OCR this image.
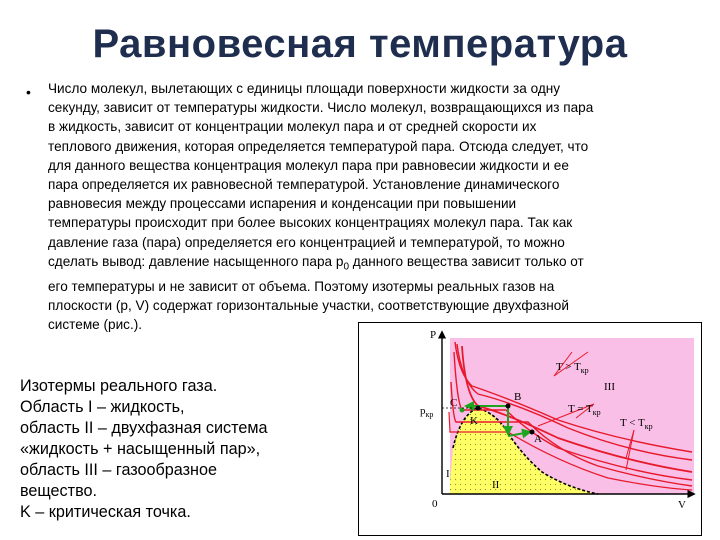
Равновесная температура
• Число молекул, вылетающих с единицы площади поверхности жидкости за одну
секунду, зависит от температуры жидкости. Число молекул, возвращающихся из пара
в жидкость, зависит от концентрации молекул пара и от средней скорости их
теплового движения, которая определяется температурой пара. Отсюда следует, что
для данного вещества концентрация молекул пара при равновесии жидкости и ее
пара определяется их равновесной температурой. Установление динамического
равновесия между процессами испарения и конденсации при повышении
температуры происходит при более высоких концентрациях молекул пара. Так как
давление газа (пара) определяется его концентрацией и температурой, то можно
сделать вывод: давление насыщенного пара $p_0$ данного вещества зависит только от
его температуры и не зависит от объема. Поэтому изотермы реальных газов на
плоскости (p, V) содержат горизонтальные участки, соответствующие двухфазной
системе (рис.).
Изотермы реального газа.
Область I – жидкость,
область II – двухфазная система
«жидкость + насыщенный пар»,
область III – газообразное
вещество.
K – критическая точка.
P
V
0
$p_{кр}$
C
K
B
A
I
II
III
$T > T_{кр}$
$T = T_{кр}$
$T < T_{кр}$
